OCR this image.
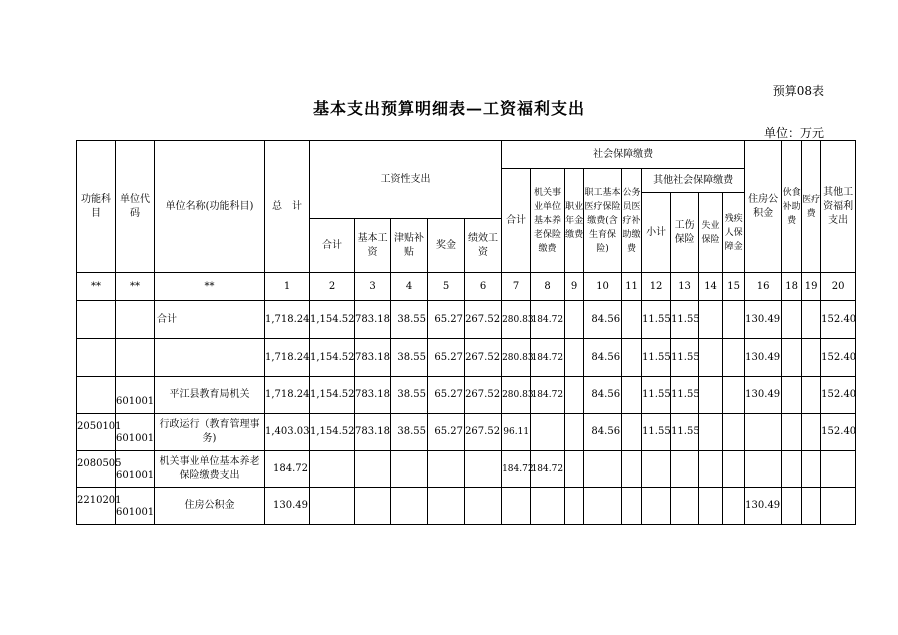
预算08表
基本支出预算明细表—工资福利支出
单位：万元
功能科目	单位代码	单位名称(功能科目)	总　计	工资性支出					社会保障缴费									住房公积金	伙食补助费	医疗费	其他工资福利支出
									合计	机关事业单位基本养老保险缴费	职业年金缴费	职工基本医疗保险缴费(含生育保险)	公务员医疗补助缴费	其他社会保障缴费							
														小计	工伤保险	失业保险	残疾人保障金				
				合计	基本工资	津贴补贴	奖金	绩效工资													
**	**	**	1	2	3	4	5	6	7	8	9	10	11	12	13	14	15	16	18	19	20
		合计	1,718.24	1,154.52	783.18	38.55	65.27	267.52	280.83	184.72		84.56		11.55	11.55			130.49			152.40
			1,718.24	1,154.52	783.18	38.55	65.27	267.52	280.83	184.72		84.56		11.55	11.55			130.49			152.40
	601001	平江县教育局机关	1,718.24	1,154.52	783.18	38.55	65.27	267.52	280.83	184.72		84.56		11.55	11.55			130.49			152.40
2050101	601001	行政运行（教育管理事务)	1,403.03	1,154.52	783.18	38.55	65.27	267.52	96.11			84.56		11.55	11.55						152.40
2080505	601001	机关事业单位基本养老保险缴费支出	184.72						184.72	184.72											
2210201	601001	住房公积金	130.49															130.49			
